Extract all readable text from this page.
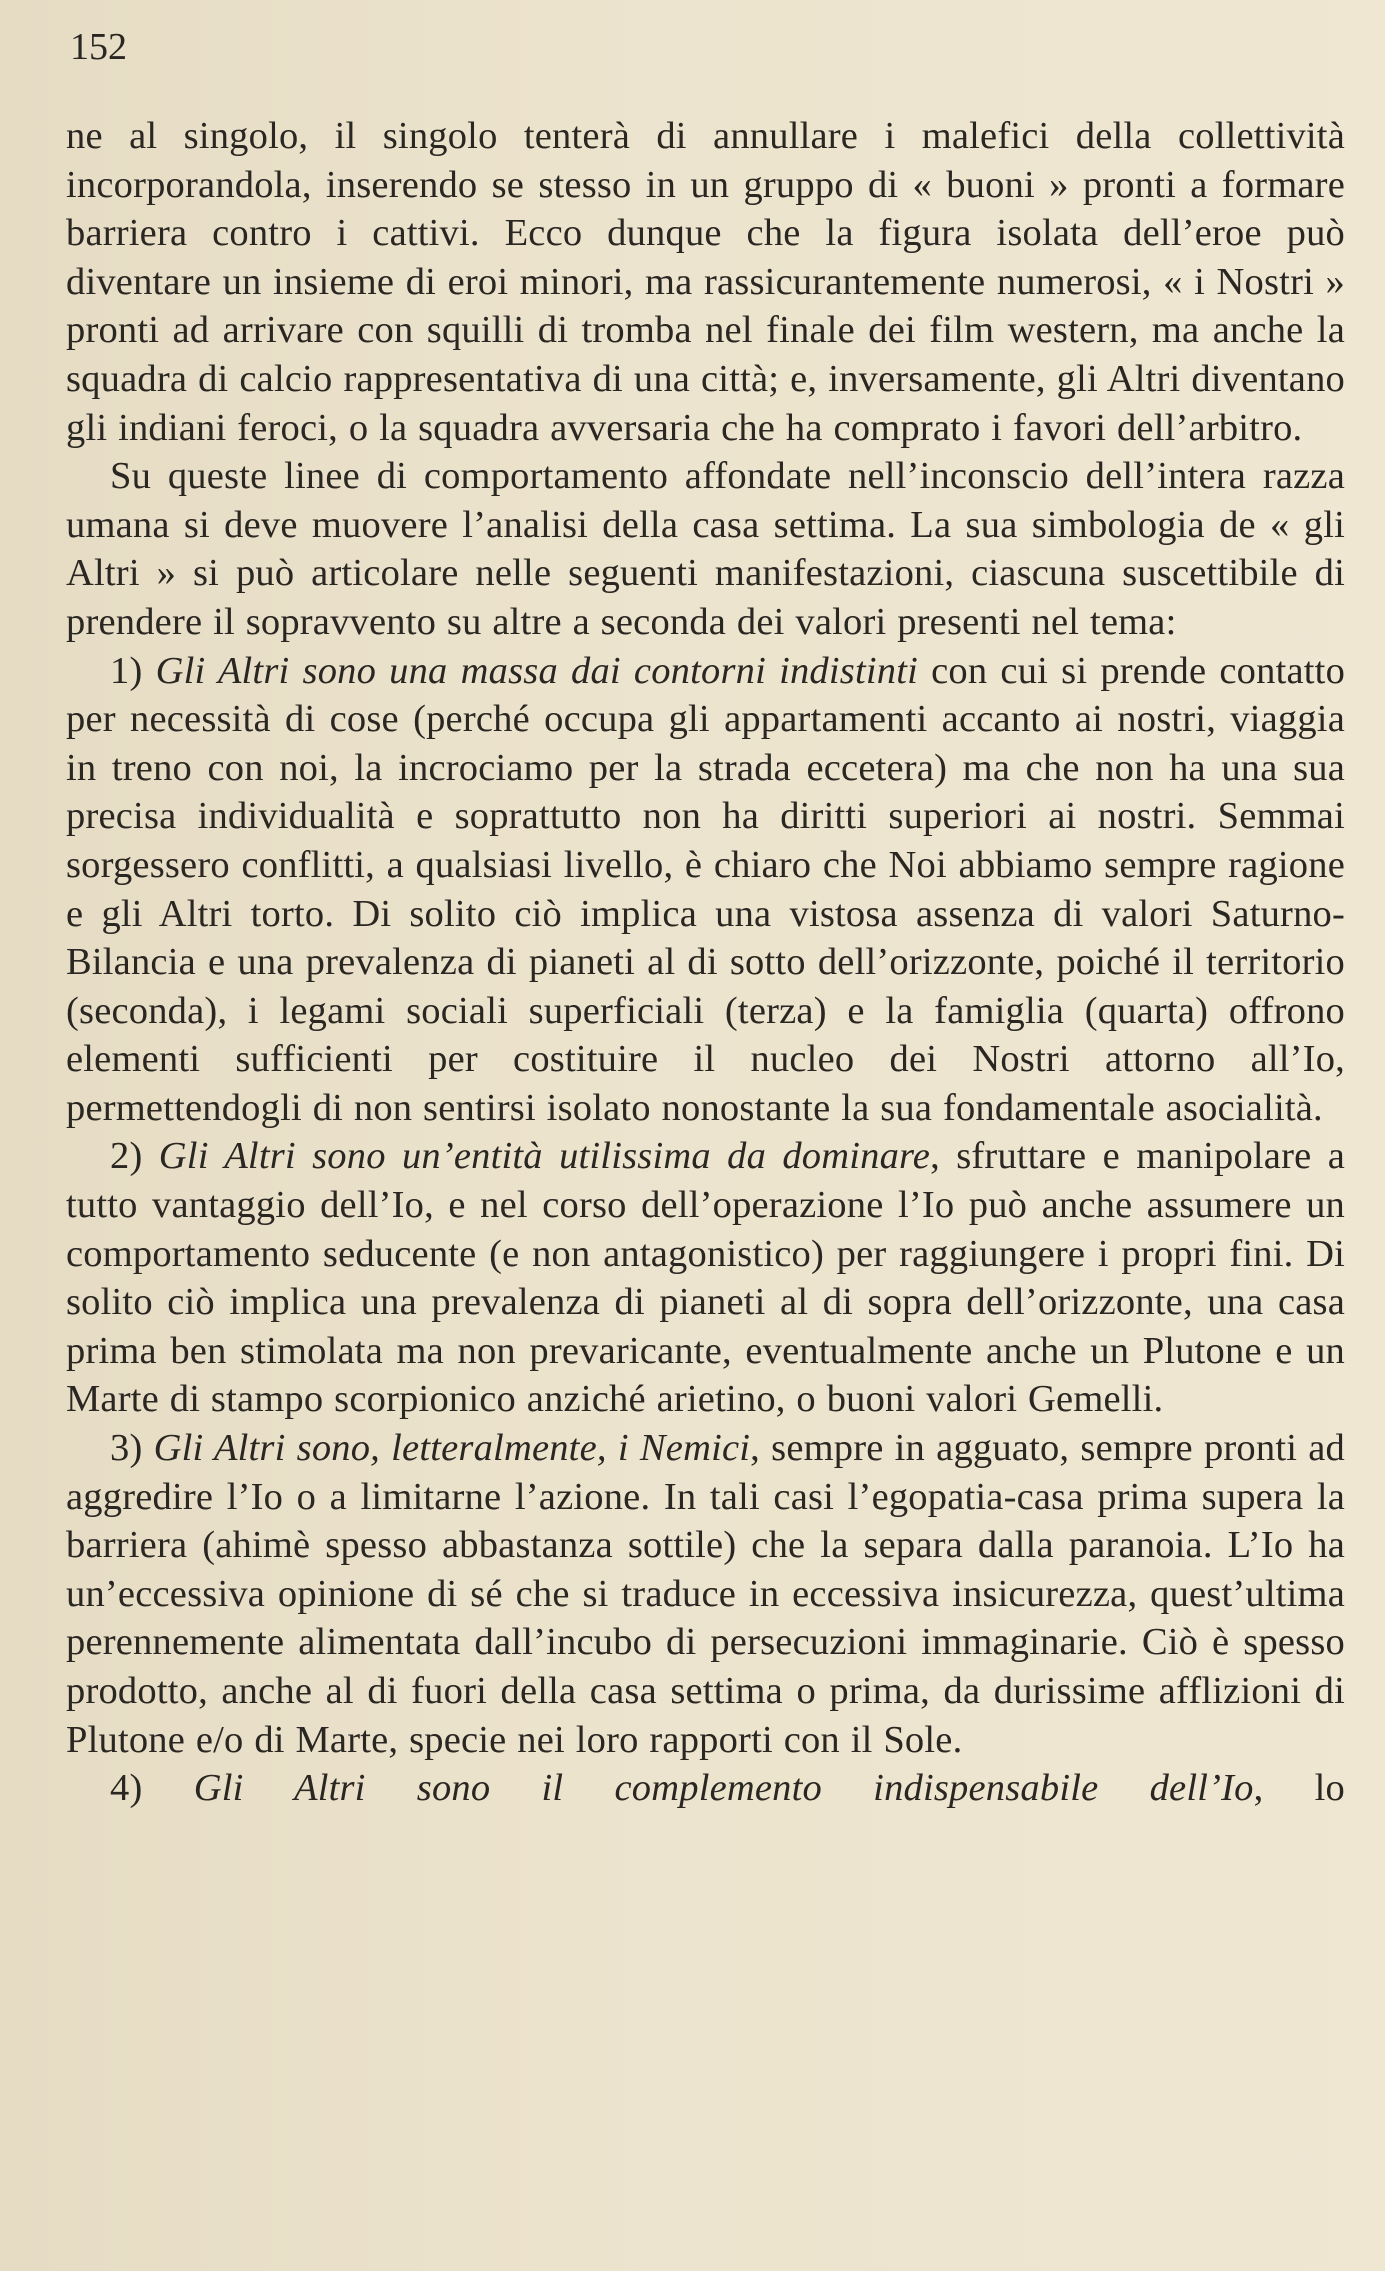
152

ne al singolo, il singolo tenterà di annullare i malefici della collettività incorporandola, inserendo se stesso in un gruppo di « buoni » pronti a formare barriera contro i cattivi. Ecco dunque che la figura isolata dell’eroe può diventare un insieme di eroi minori, ma rassicurantemente numerosi, « i Nostri » pronti ad arrivare con squilli di tromba nel finale dei film western, ma anche la squadra di calcio rappresentativa di una città; e, inversamente, gli Altri diventano gli indiani feroci, o la squadra avversaria che ha comprato i favori dell’arbitro.

Su queste linee di comportamento affondate nell’inconscio dell’intera razza umana si deve muovere l’analisi della casa settima. La sua simbologia de « gli Altri » si può articolare nelle seguenti manifestazioni, ciascuna suscettibile di prendere il sopravvento su altre a seconda dei valori presenti nel tema:

1) Gli Altri sono una massa dai contorni indistinti con cui si prende contatto per necessità di cose (perché occupa gli appartamenti accanto ai nostri, viaggia in treno con noi, la incrociamo per la strada eccetera) ma che non ha una sua precisa individualità e soprattutto non ha diritti superiori ai nostri. Semmai sorgessero conflitti, a qualsiasi livello, è chiaro che Noi abbiamo sempre ragione e gli Altri torto. Di solito ciò implica una vistosa assenza di valori Saturno-Bilancia e una prevalenza di pianeti al di sotto dell’orizzonte, poiché il territorio (seconda), i legami sociali superficiali (terza) e la famiglia (quarta) offrono elementi sufficienti per costituire il nucleo dei Nostri attorno all’Io, permettendogli di non sentirsi isolato nonostante la sua fondamentale asocialità.

2) Gli Altri sono un’entità utilissima da dominare, sfruttare e manipolare a tutto vantaggio dell’Io, e nel corso dell’operazione l’Io può anche assumere un comportamento seducente (e non antagonistico) per raggiungere i propri fini. Di solito ciò implica una prevalenza di pianeti al di sopra dell’orizzonte, una casa prima ben stimolata ma non prevaricante, eventualmente anche un Plutone e un Marte di stampo scorpionico anziché arietino, o buoni valori Gemelli.

3) Gli Altri sono, letteralmente, i Nemici, sempre in agguato, sempre pronti ad aggredire l’Io o a limitarne l’azione. In tali casi l’egopatia-casa prima supera la barriera (ahimè spesso abbastanza sottile) che la separa dalla paranoia. L’Io ha un’eccessiva opinione di sé che si traduce in eccessiva insicurezza, quest’ultima perennemente alimentata dall’incubo di persecuzioni immaginarie. Ciò è spesso prodotto, anche al di fuori della casa settima o prima, da durissime afflizioni di Plutone e/o di Marte, specie nei loro rapporti con il Sole.

4) Gli Altri sono il complemento indispensabile dell’Io, lo
